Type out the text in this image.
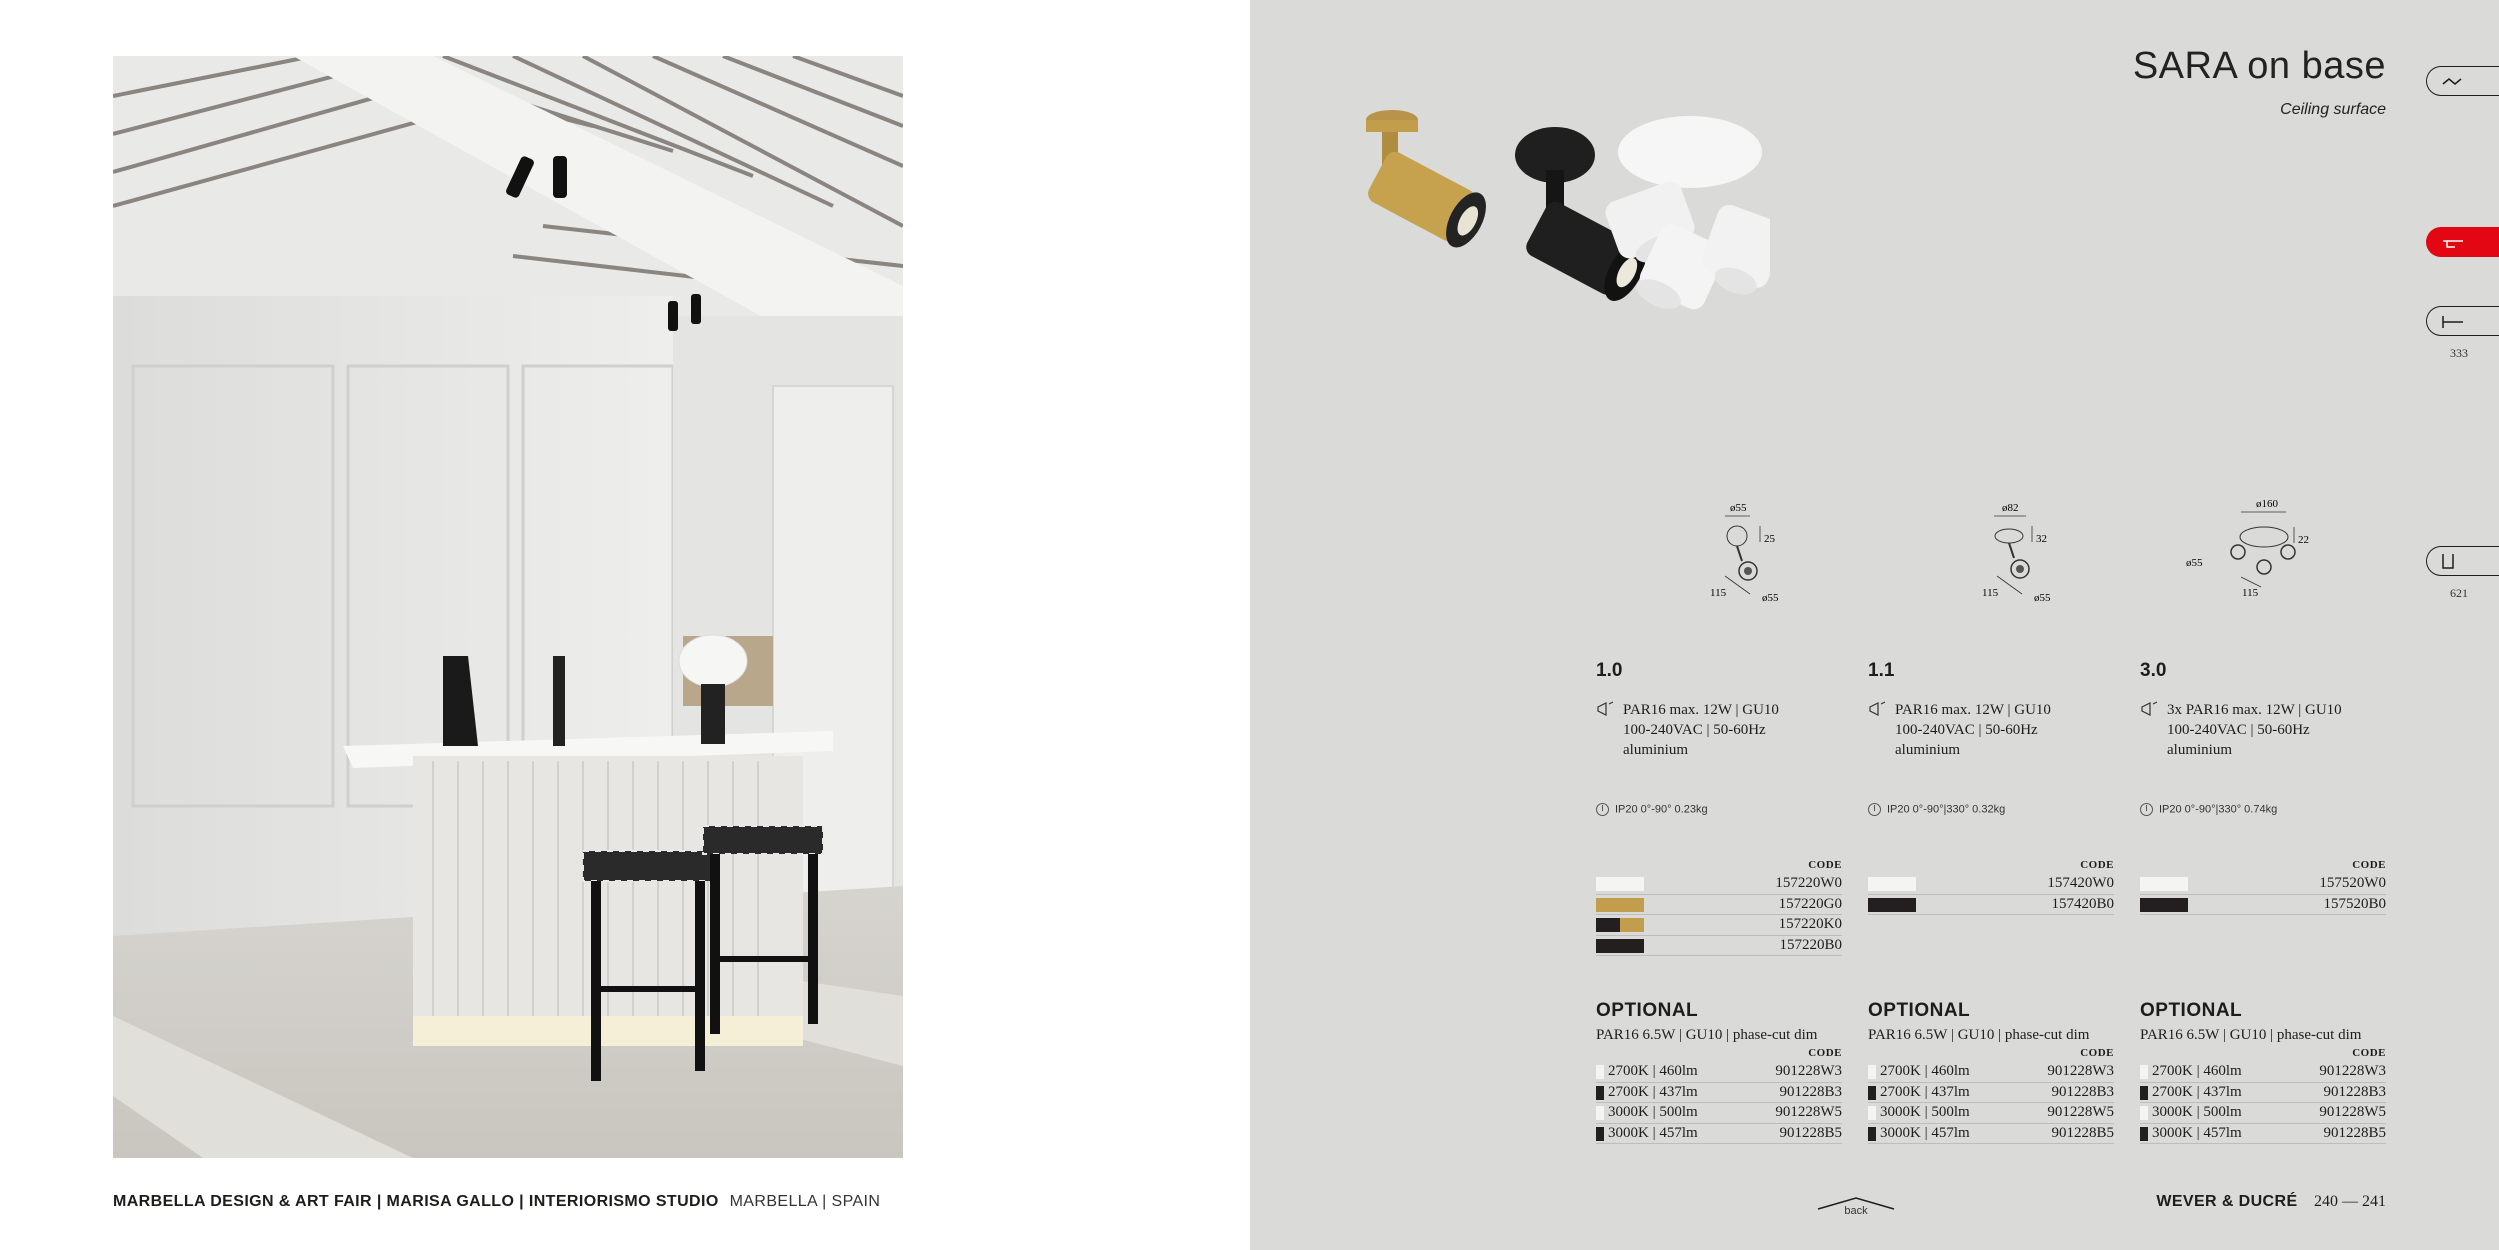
MARBELLA DESIGN & ART FAIR | MARISA GALLO | INTERIORISMO STUDIO MARBELLA | SPAIN
SARA on base
Ceiling surface
333
621
ø55
25
115	ø55
ø82
32
115	ø55
ø160
22
ø55
115
1.0
PAR16 max. 12W | GU10
100-240VAC | 50-60Hz
aluminium
IP20 0°-90° 0.23kg
CODE
157220W0
157220G0
157220K0
157220B0
OPTIONAL
PAR16 6.5W | GU10 | phase-cut dim
CODE
2700K | 460lm	901228W3
2700K | 437lm	901228B3
3000K | 500lm	901228W5
3000K | 457lm	901228B5
1.1
PAR16 max. 12W | GU10
100-240VAC | 50-60Hz
aluminium
IP20 0°-90°|330° 0.32kg
CODE
157420W0
157420B0
OPTIONAL
PAR16 6.5W | GU10 | phase-cut dim
CODE
2700K | 460lm	901228W3
2700K | 437lm	901228B3
3000K | 500lm	901228W5
3000K | 457lm	901228B5
3.0
3x PAR16 max. 12W | GU10
100-240VAC | 50-60Hz
aluminium
IP20 0°-90°|330° 0.74kg
CODE
157520W0
157520B0
OPTIONAL
PAR16 6.5W | GU10 | phase-cut dim
CODE
2700K | 460lm	901228W3
2700K | 437lm	901228B3
3000K | 500lm	901228W5
3000K | 457lm	901228B5
back
WEVER & DUCRÉ 240 — 241
